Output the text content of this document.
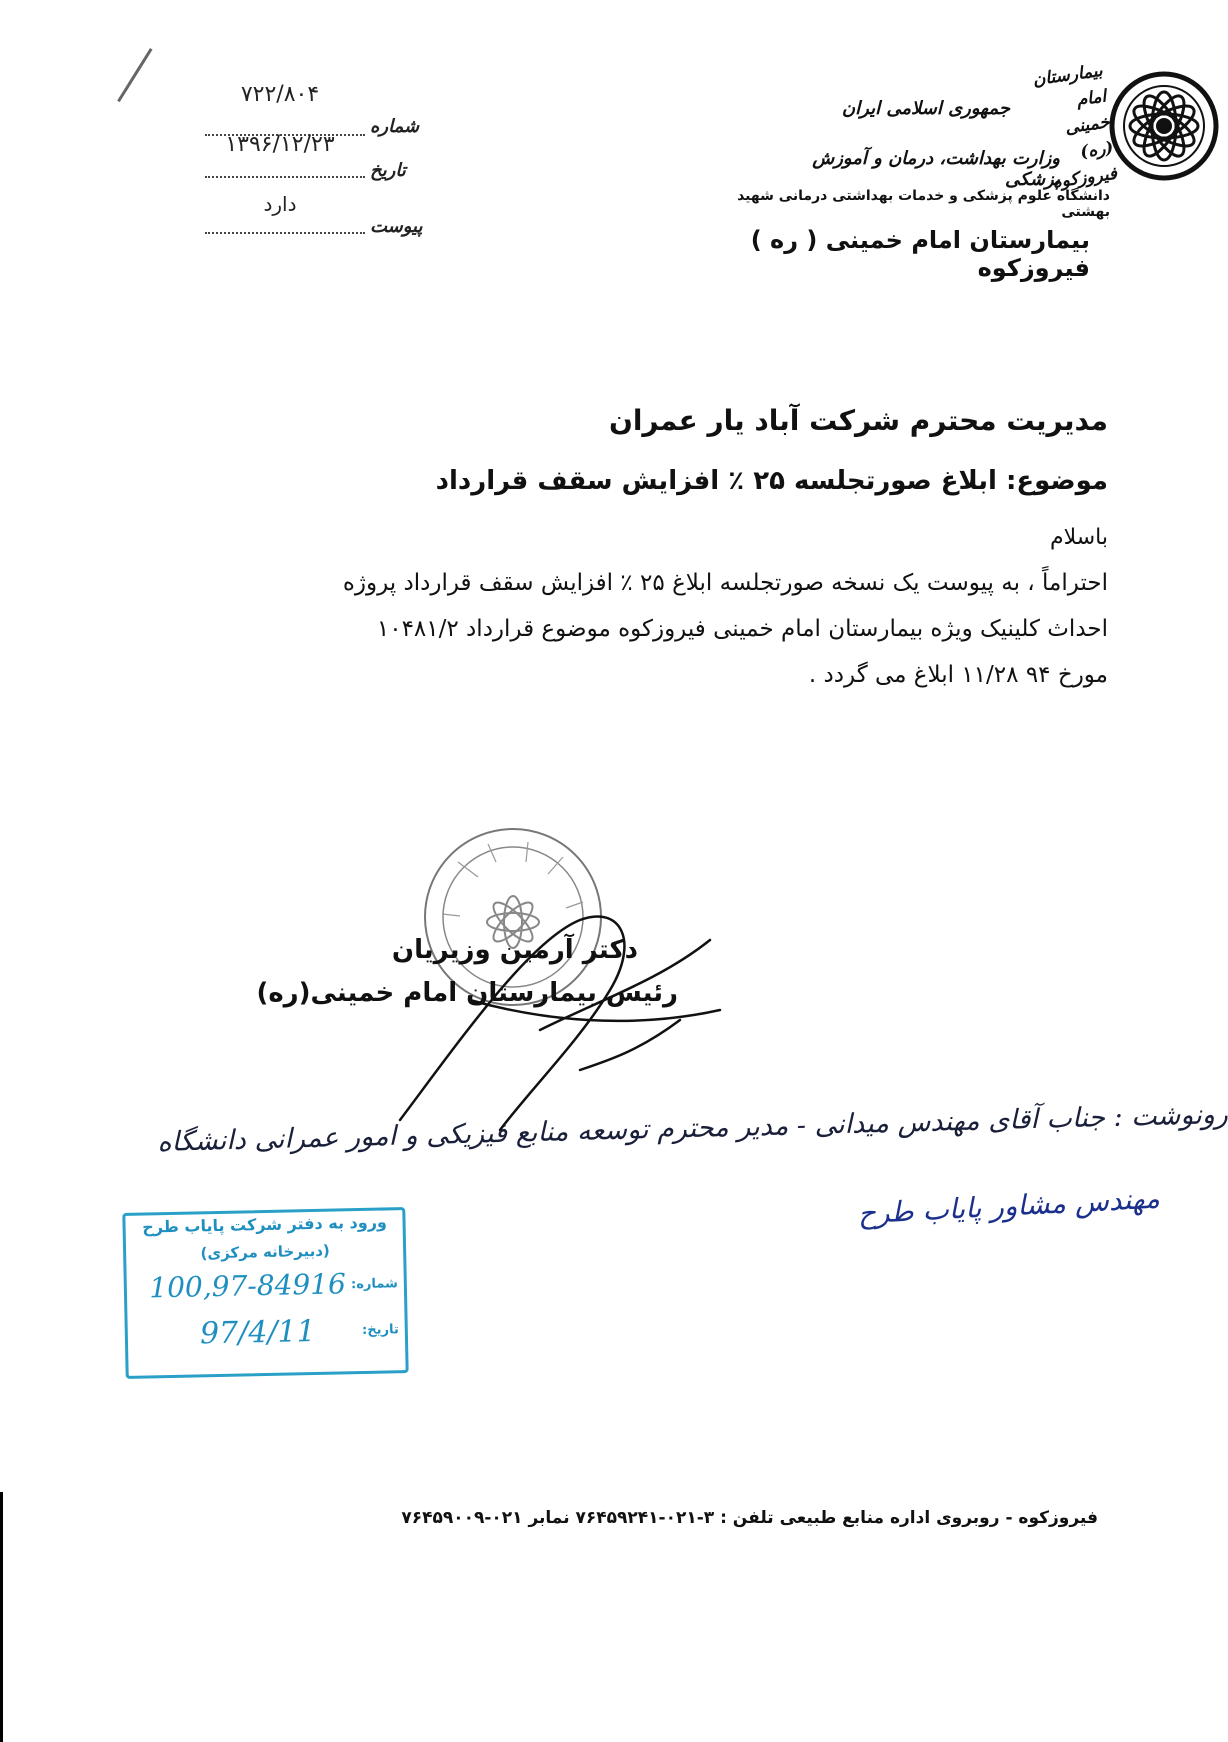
۷۲۲/۸۰۴
شماره
۱۳۹۶/۱۲/۲۳
تاریخ
دارد
پیوست
جمهوری اسلامی ایران
وزارت بهداشت، درمان و آموزش پزشکی
دانشگاه علوم پزشکی و خدمات بهداشتی درمانی شهید بهشتی
بیمارستان امام خمینی ( ره ) فیروزکوه
بیمارستان امام خمینی (ره) فیروزکوه
مدیریت محترم شرکت آباد یار عمران
موضوع: ابلاغ صورتجلسه ۲۵ ٪ افزایش سقف قرارداد
باسلام
احتراماً ، به پیوست یک نسخه صورتجلسه ابلاغ ۲۵ ٪ افزایش سقف قرارداد پروژه
احداث کلینیک ویژه بیمارستان امام خمینی فیروزکوه موضوع قرارداد ۱۰۴۸۱/۲
مورخ ۹۴ ۱۱/۲۸ ابلاغ می گردد .
دکتر آرمین وزیریان
رئیس بیمارستان امام خمینی(ره)
رونوشت : جناب آقای مهندس میدانی - مدیر محترم توسعه منابع فیزیکی و امور عمرانی دانشگاه
مهندس مشاور پایاب طرح
ورود به دفتر شرکت پایاب طرح
(دبیرخانه مرکزی)
شماره:
100,97-84916
تاریخ:
97/4/11
فیروزکوه - روبروی اداره منابع طبیعی تلفن : ۳-۰۲۱-۷۶۴۵۹۲۴۱ نمابر ۰۲۱-۷۶۴۵۹۰۰۹
